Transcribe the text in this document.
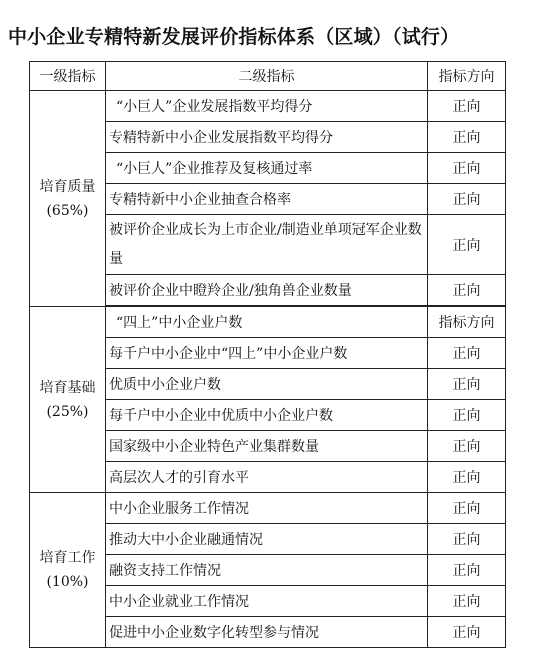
中小企业专精特新发展评价指标体系（区域）（试行）
一级指标	二级指标	指标方向

培育质量
(65%)	“小巨人”企业发展指数平均得分	正向
	专精特新中小企业发展指数平均得分	正向
	“小巨人”企业推荐及复核通过率	正向
	专精特新中小企业抽查合格率	正向
	被评价企业成长为上市企业/制造业单项冠军企业数量	正向
	被评价企业中瞪羚企业/独角兽企业数量	正向

培育基础
(25%)	“四上”中小企业户数	指标方向
	每千户中小企业中“四上”中小企业户数	正向
	优质中小企业户数	正向
	每千户中小企业中优质中小企业户数	正向
	国家级中小企业特色产业集群数量	正向
	高层次人才的引育水平	正向

培育工作
(10%)	中小企业服务工作情况	正向
	推动大中小企业融通情况	正向
	融资支持工作情况	正向
	中小企业就业工作情况	正向
	促进中小企业数字化转型参与情况	正向
